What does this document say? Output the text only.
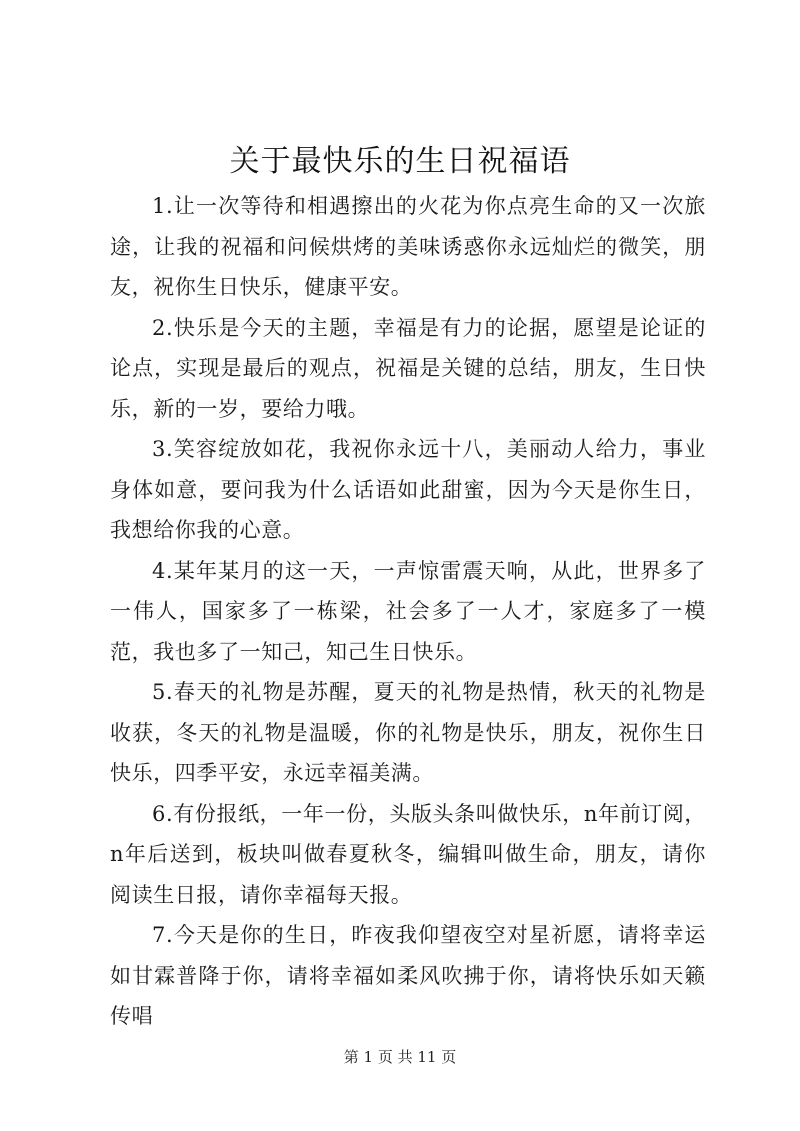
关于最快乐的生日祝福语

1.让一次等待和相遇擦出的火花为你点亮生命的又一次旅途，让我的祝福和问候烘烤的美味诱惑你永远灿烂的微笑，朋友，祝你生日快乐，健康平安。

2.快乐是今天的主题，幸福是有力的论据，愿望是论证的论点，实现是最后的观点，祝福是关键的总结，朋友，生日快乐，新的一岁，要给力哦。

3.笑容绽放如花，我祝你永远十八，美丽动人给力，事业身体如意，要问我为什么话语如此甜蜜，因为今天是你生日，我想给你我的心意。

4.某年某月的这一天，一声惊雷震天响，从此，世界多了一伟人，国家多了一栋梁，社会多了一人才，家庭多了一模范，我也多了一知己，知己生日快乐。

5.春天的礼物是苏醒，夏天的礼物是热情，秋天的礼物是收获，冬天的礼物是温暖，你的礼物是快乐，朋友，祝你生日快乐，四季平安，永远幸福美满。

6.有份报纸，一年一份，头版头条叫做快乐，n年前订阅，n年后送到，板块叫做春夏秋冬，编辑叫做生命，朋友，请你阅读生日报，请你幸福每天报。

7.今天是你的生日，昨夜我仰望夜空对星祈愿，请将幸运如甘霖普降于你，请将幸福如柔风吹拂于你，请将快乐如天籁传唱

第 1 页 共 11 页
